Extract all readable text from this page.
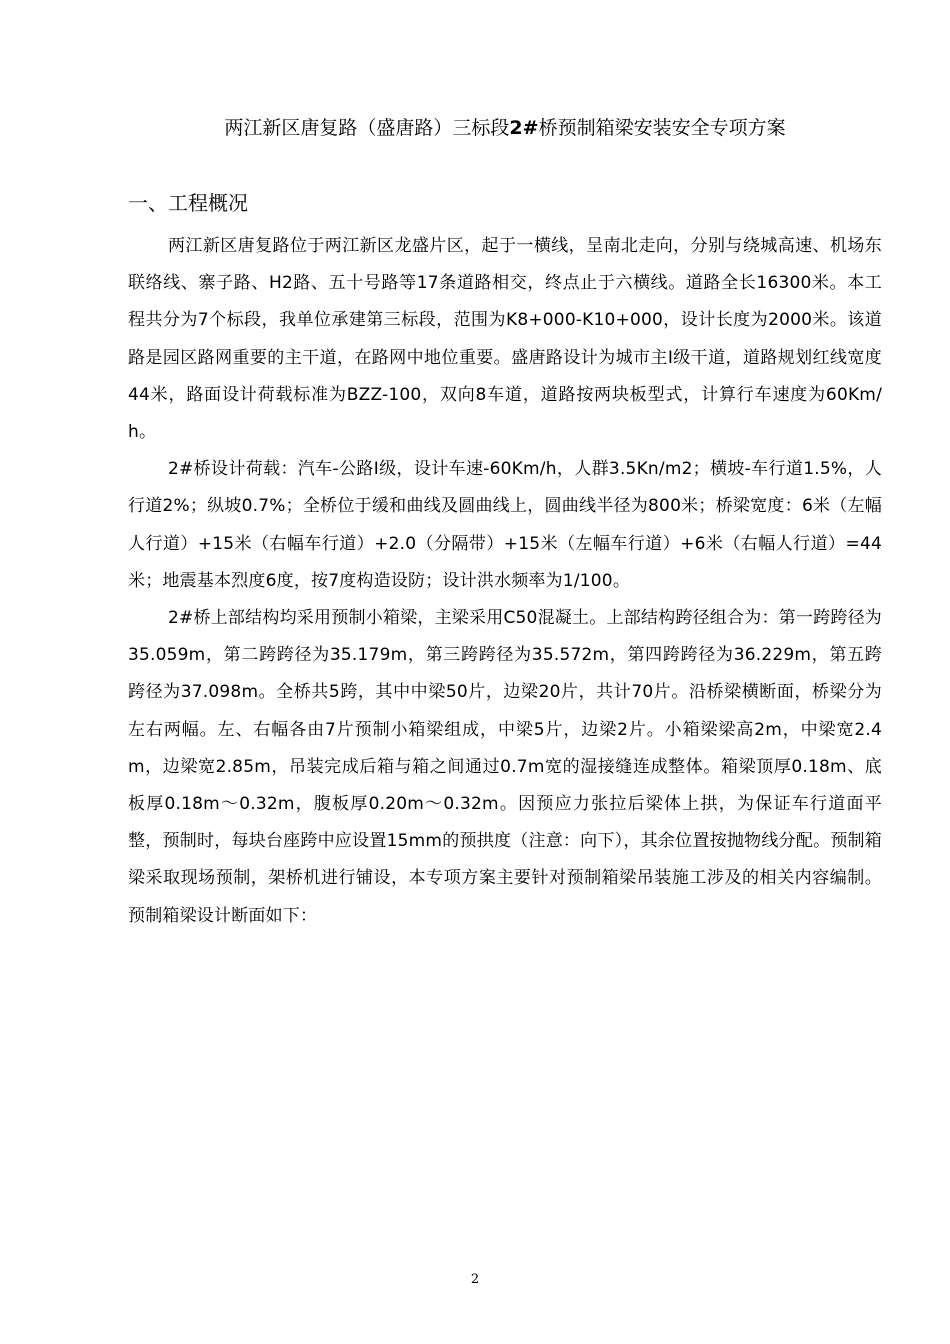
两江新区唐复路（盛唐路）三标段2#桥预制箱梁安装安全专项方案
一、工程概况

两江新区唐复路位于两江新区龙盛片区，起于一横线，呈南北走向，分别与绕城高速、机场东联络线、寨子路、H2路、五十号路等17条道路相交，终点止于六横线。道路全长16300米。本工程共分为7个标段，我单位承建第三标段，范围为K8+000-K10+000，设计长度为2000米。该道路是园区路网重要的主干道，在路网中地位重要。盛唐路设计为城市主I级干道，道路规划红线宽度44米，路面设计荷载标准为BZZ-100，双向8车道，道路按两块板型式，计算行车速度为60Km/h。

2#桥设计荷载：汽车-公路I级，设计车速-60Km/h，人群3.5Kn/m2；横坡-车行道1.5%，人行道2%；纵坡0.7%；全桥位于缓和曲线及圆曲线上，圆曲线半径为800米；桥梁宽度：6米（左幅人行道）+15米（右幅车行道）+2.0（分隔带）+15米（左幅车行道）+6米（右幅人行道）=44米；地震基本烈度6度，按7度构造设防；设计洪水频率为1/100。

2#桥上部结构均采用预制小箱梁，主梁采用C50混凝土。上部结构跨径组合为：第一跨跨径为35.059m，第二跨跨径为35.179m，第三跨跨径为35.572m，第四跨跨径为36.229m，第五跨跨径为37.098m。全桥共5跨，其中中梁50片，边梁20片，共计70片。沿桥梁横断面，桥梁分为左右两幅。左、右幅各由7片预制小箱梁组成，中梁5片，边梁2片。小箱梁梁高2m，中梁宽2.4m，边梁宽2.85m，吊装完成后箱与箱之间通过0.7m宽的湿接缝连成整体。箱梁顶厚0.18m、底板厚0.18m～0.32m，腹板厚0.20m～0.32m。因预应力张拉后梁体上拱，为保证车行道面平整，预制时，每块台座跨中应设置15mm的预拱度（注意：向下），其余位置按抛物线分配。预制箱梁采取现场预制，架桥机进行铺设，本专项方案主要针对预制箱梁吊装施工涉及的相关内容编制。预制箱梁设计断面如下：

2
